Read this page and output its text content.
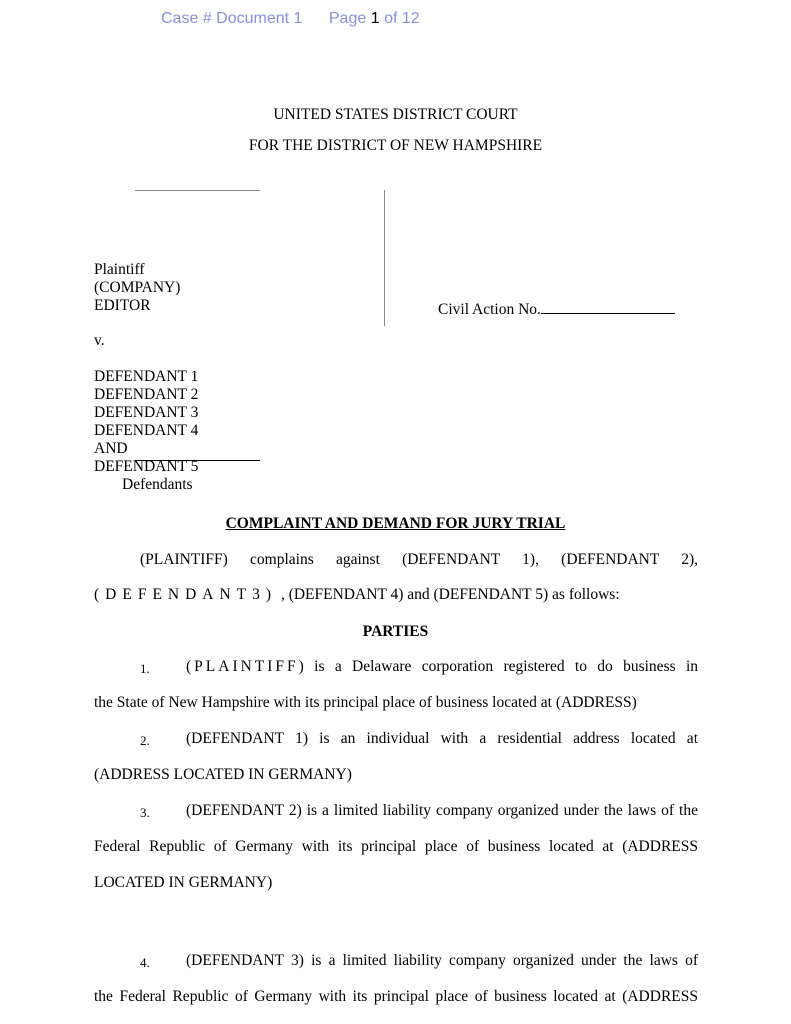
Case # Document 1 Page 1 of 12
UNITED STATES DISTRICT COURT
FOR THE DISTRICT OF NEW HAMPSHIRE
Plaintiff
(COMPANY)
EDITOR
v.
DEFENDANT 1
DEFENDANT 2
DEFENDANT 3
DEFENDANT 4
AND
DEFENDANT 5
Defendants
Civil Action No.
COMPLAINT AND DEMAND FOR JURY TRIAL
(PLAINTIFF) complains against (DEFENDANT 1), (DEFENDANT 2),
(DEFENDANT3) , (DEFENDANT 4) and (DEFENDANT 5) as follows:
PARTIES
1. (PLAINTIFF) is a Delaware corporation registered to do business in
the State of New Hampshire with its principal place of business located at (ADDRESS)
2. (DEFENDANT 1) is an individual with a residential address located at
(ADDRESS LOCATED IN GERMANY)
3. (DEFENDANT 2) is a limited liability company organized under the laws of the
Federal Republic of Germany with its principal place of business located at (ADDRESS
LOCATED IN GERMANY)
4. (DEFENDANT 3) is a limited liability company organized under the laws of
the Federal Republic of Germany with its principal place of business located at (ADDRESS
